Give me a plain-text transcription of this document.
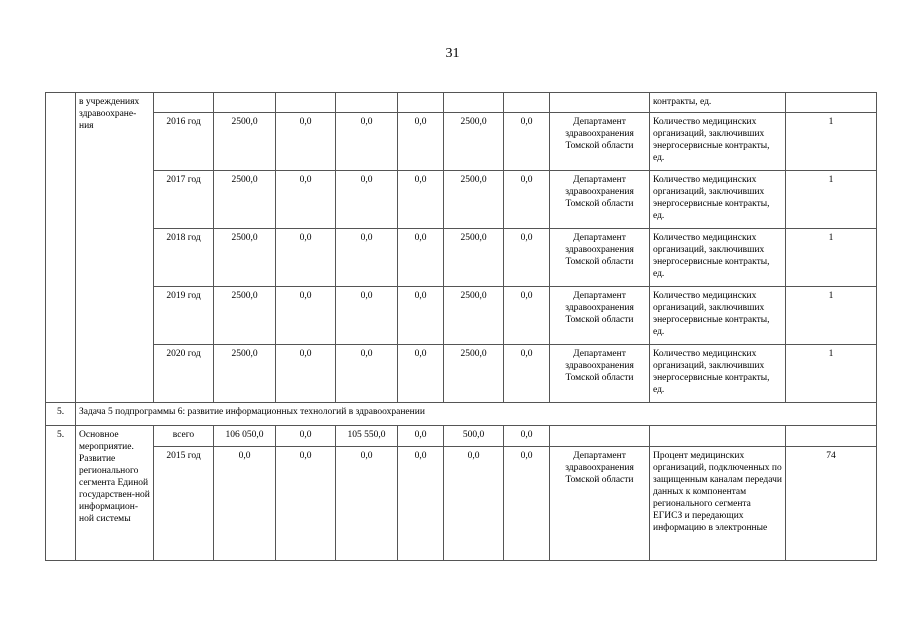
31
	в учреждениях здравоохране-ния									контракты, ед.	
		2016 год	2500,0	0,0	0,0	0,0	2500,0	0,0	Департамент здравоохранения Томской области	Количество медицинских организаций, заключивших энергосервисные контракты, ед.	1
		2017 год	2500,0	0,0	0,0	0,0	2500,0	0,0	Департамент здравоохранения Томской области	Количество медицинских организаций, заключивших энергосервисные контракты, ед.	1
		2018 год	2500,0	0,0	0,0	0,0	2500,0	0,0	Департамент здравоохранения Томской области	Количество медицинских организаций, заключивших энергосервисные контракты, ед.	1
		2019 год	2500,0	0,0	0,0	0,0	2500,0	0,0	Департамент здравоохранения Томской области	Количество медицинских организаций, заключивших энергосервисные контракты, ед.	1
		2020 год	2500,0	0,0	0,0	0,0	2500,0	0,0	Департамент здравоохранения Томской области	Количество медицинских организаций, заключивших энергосервисные контракты, ед.	1
5.	Задача 5 подпрограммы 6: развитие информационных технологий в здравоохранении										
5.	Основное мероприятие. Развитие регионального сегмента Единой государствен-ной информацион-ной системы	всего	106 050,0	0,0	105 550,0	0,0	500,0	0,0			
		2015 год	0,0	0,0	0,0	0,0	0,0	0,0	Департамент здравоохранения Томской области	Процент медицинских организаций, подключенных по защищенным каналам передачи данных к компонентам регионального сегмента ЕГИСЗ и передающих информацию в электронные	74
